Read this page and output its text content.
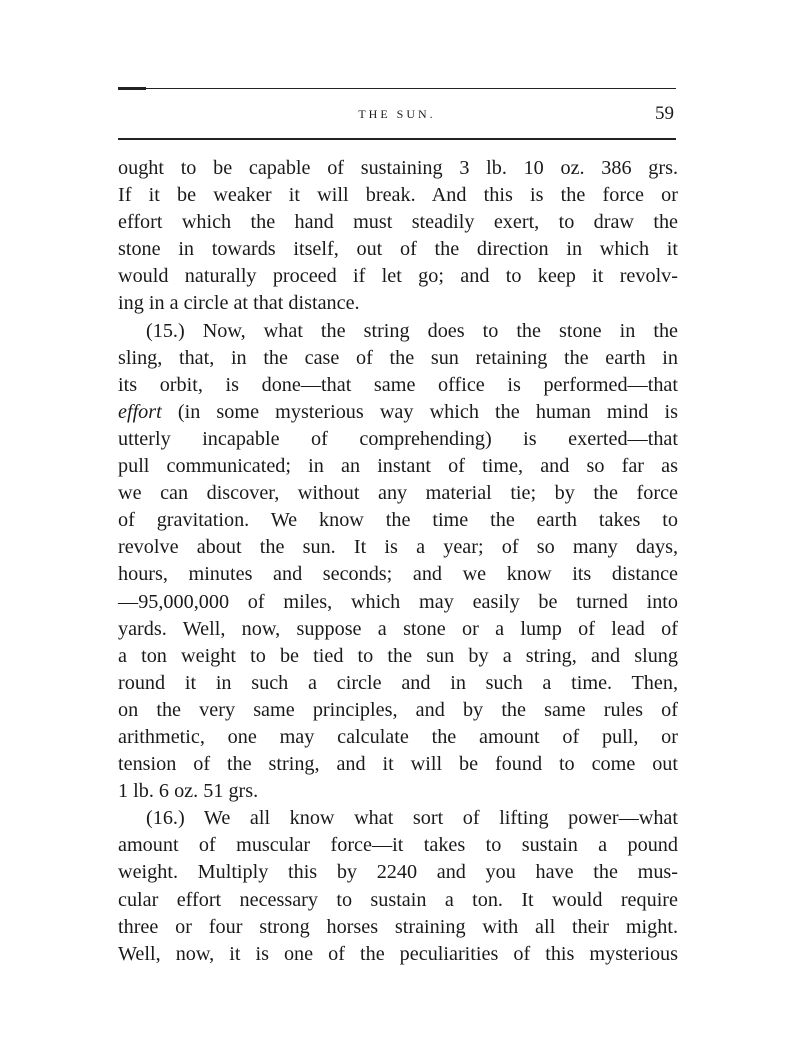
THE SUN.	59
ought to be capable of sustaining 3 lb. 10 oz. 386 grs.
If it be weaker it will break. And this is the force or
effort which the hand must steadily exert, to draw the
stone in towards itself, out of the direction in which it
would naturally proceed if let go; and to keep it revolv-
ing in a circle at that distance.
(15.) Now, what the string does to the stone in the
sling, that, in the case of the sun retaining the earth in
its orbit, is done—that same office is performed—that
effort (in some mysterious way which the human mind is
utterly incapable of comprehending) is exerted—that
pull communicated; in an instant of time, and so far as
we can discover, without any material tie; by the force
of gravitation. We know the time the earth takes to
revolve about the sun. It is a year; of so many days,
hours, minutes and seconds; and we know its distance
—95,000,000 of miles, which may easily be turned into
yards. Well, now, suppose a stone or a lump of lead of
a ton weight to be tied to the sun by a string, and slung
round it in such a circle and in such a time. Then,
on the very same principles, and by the same rules of
arithmetic, one may calculate the amount of pull, or
tension of the string, and it will be found to come out
1 lb. 6 oz. 51 grs.
(16.) We all know what sort of lifting power—what
amount of muscular force—it takes to sustain a pound
weight. Multiply this by 2240 and you have the mus-
cular effort necessary to sustain a ton. It would require
three or four strong horses straining with all their might.
Well, now, it is one of the peculiarities of this mysterious
